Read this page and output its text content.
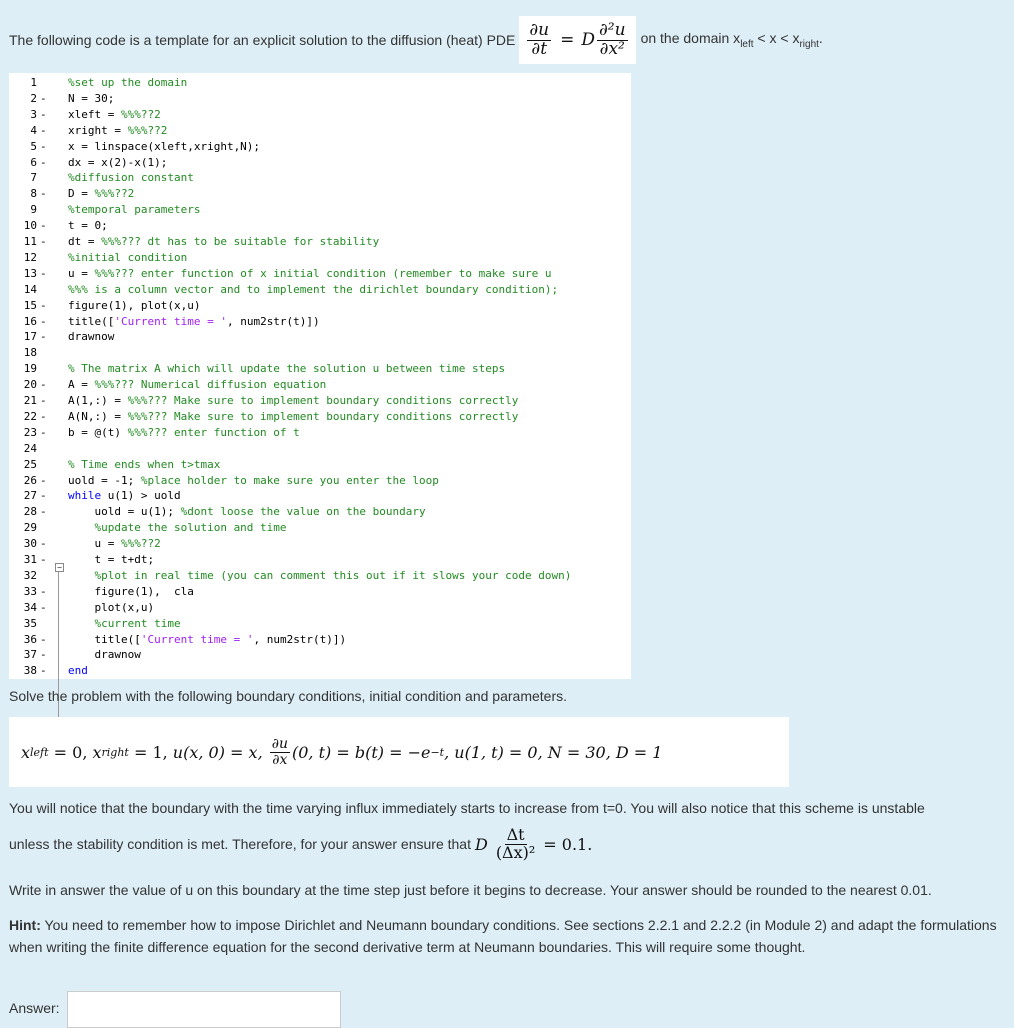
The following code is a template for an explicit solution to the diffusion (heat) PDE $\frac{\partial u}{\partial t} = D \frac{\text{∂²u}}{\text{∂x²}}$ on the domain $x_{left} < x < x_{right}$.
−
1	%set up the domain
2 - N = 30;
3 - xleft = %%%??2
4 - xright = %%%??2
5 - x = linspace(xleft,xright,N);
6 - dx = x(2)-x(1);
7	%diffusion constant
8 - D = %%%??2
9	%temporal parameters
10 - t = 0;
11 - dt = %%%??? dt has to be suitable for stability
12	%initial condition
13 - u = %%%??? enter function of x initial condition (remember to make sure u
14	%%% is a column vector and to implement the dirichlet boundary condition);
15 - figure(1), plot(x,u)
16 - title(['Current time = ', num2str(t)])
17 - drawnow
18
19	% The matrix A which will update the solution u between time steps
20 - A = %%%??? Numerical diffusion equation
21 - A(1,:) = %%%??? Make sure to implement boundary conditions correctly
22 - A(N,:) = %%%??? Make sure to implement boundary conditions correctly
23 - b = @(t) %%%??? enter function of t
24
25	% Time ends when t>tmax
26 - uold = -1; %place holder to make sure you enter the loop
27 - while u(1) > uold
28 - uold = u(1); %dont loose the value on the boundary
29	%update the solution and time
30 - u = %%%??2
31 - t = t+dt;
32	%plot in real time (you can comment this out if it slows your code down)
33 - figure(1),  cla
34 - plot(x,u)
35	%current time
36 - title(['Current time = ', num2str(t)])
37 - drawnow
38 - end
Solve the problem with the following boundary conditions, initial condition and parameters.
x left = 0, x right = 1, u(x, 0) = x, $\frac{\partial u}{\partial x} (0$, t) = b(t) = −e −t , u(1, t) = 0, N = 30, D = 1
You will notice that the boundary with the time varying influx immediately starts to increase from t=0. You will also notice that this scheme is unstable
unless the stability condition is met. Therefore, for your answer ensure that D $\frac{\Delta t}{\text{(Δx)²}} = 0.1$.
Write in answer the value of u on this boundary at the time step just before it begins to decrease. Your answer should be rounded to the nearest 0.01.
Hint: You need to remember how to impose Dirichlet and Neumann boundary conditions. See sections 2.2.1 and 2.2.2 (in Module 2) and adapt the formulations when writing the finite difference equation for the second derivative term at Neumann boundaries. This will require some thought.
Answer:
